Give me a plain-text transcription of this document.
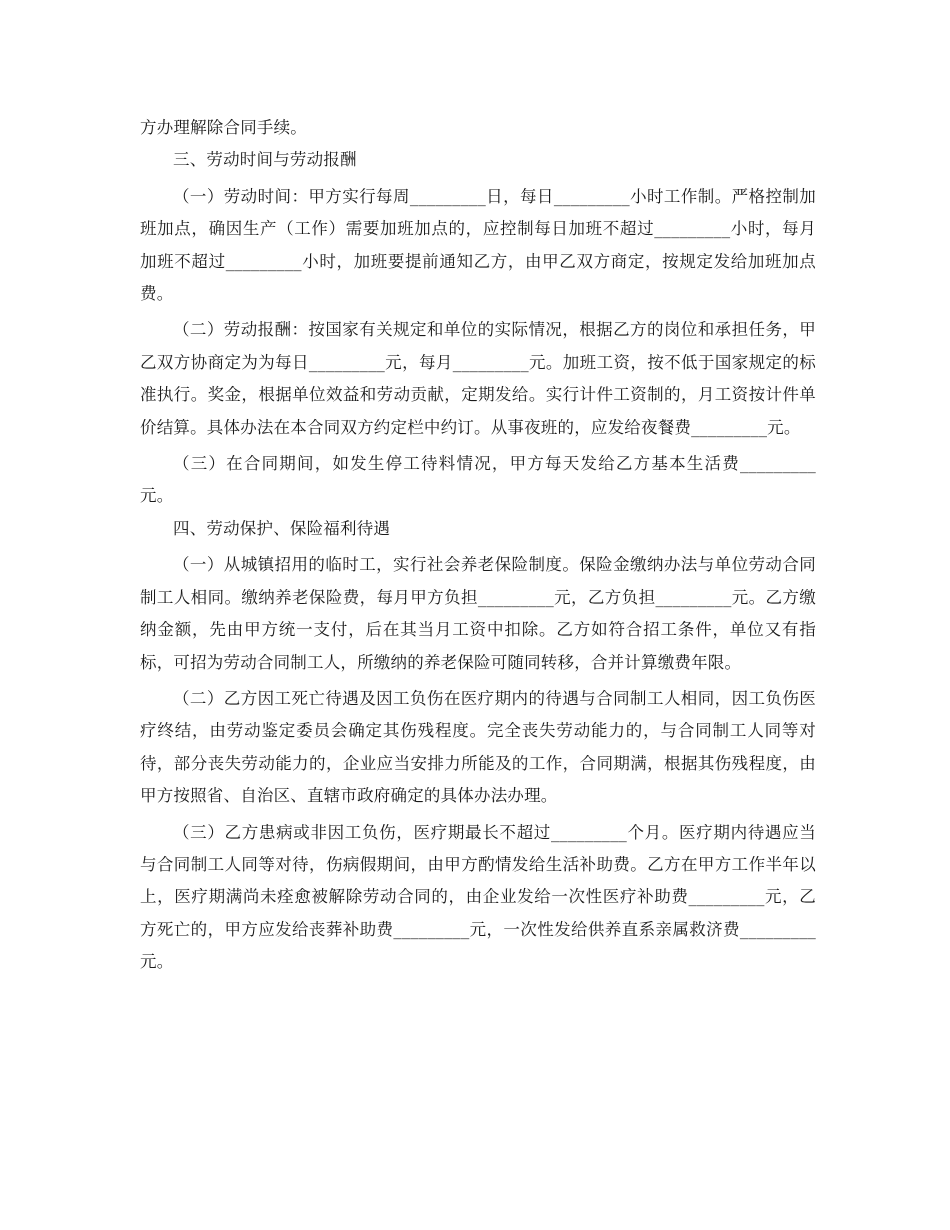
方办理解除合同手续。

三、劳动时间与劳动报酬

（一）劳动时间：甲方实行每周_________日，每日_________小时工作制。严格控制加班加点，确因生产（工作）需要加班加点的，应控制每日加班不超过_________小时，每月加班不超过_________小时，加班要提前通知乙方，由甲乙双方商定，按规定发给加班加点费。

（二）劳动报酬：按国家有关规定和单位的实际情况，根据乙方的岗位和承担任务，甲乙双方协商定为为每日_________元，每月_________元。加班工资，按不低于国家规定的标准执行。奖金，根据单位效益和劳动贡献，定期发给。实行计件工资制的，月工资按计件单价结算。具体办法在本合同双方约定栏中约订。从事夜班的，应发给夜餐费_________元。

（三）在合同期间，如发生停工待料情况，甲方每天发给乙方基本生活费_________元。

四、劳动保护、保险福利待遇

（一）从城镇招用的临时工，实行社会养老保险制度。保险金缴纳办法与单位劳动合同制工人相同。缴纳养老保险费，每月甲方负担_________元，乙方负担_________元。乙方缴纳金额，先由甲方统一支付，后在其当月工资中扣除。乙方如符合招工条件，单位又有指标，可招为劳动合同制工人，所缴纳的养老保险可随同转移，合并计算缴费年限。

（二）乙方因工死亡待遇及因工负伤在医疗期内的待遇与合同制工人相同，因工负伤医疗终结，由劳动鉴定委员会确定其伤残程度。完全丧失劳动能力的，与合同制工人同等对待，部分丧失劳动能力的，企业应当安排力所能及的工作，合同期满，根据其伤残程度，由甲方按照省、自治区、直辖市政府确定的具体办法办理。

（三）乙方患病或非因工负伤，医疗期最长不超过_________个月。医疗期内待遇应当与合同制工人同等对待，伤病假期间，由甲方酌情发给生活补助费。乙方在甲方工作半年以上，医疗期满尚未痊愈被解除劳动合同的，由企业发给一次性医疗补助费_________元，乙方死亡的，甲方应发给丧葬补助费_________元，一次性发给供养直系亲属救济费_________元。
